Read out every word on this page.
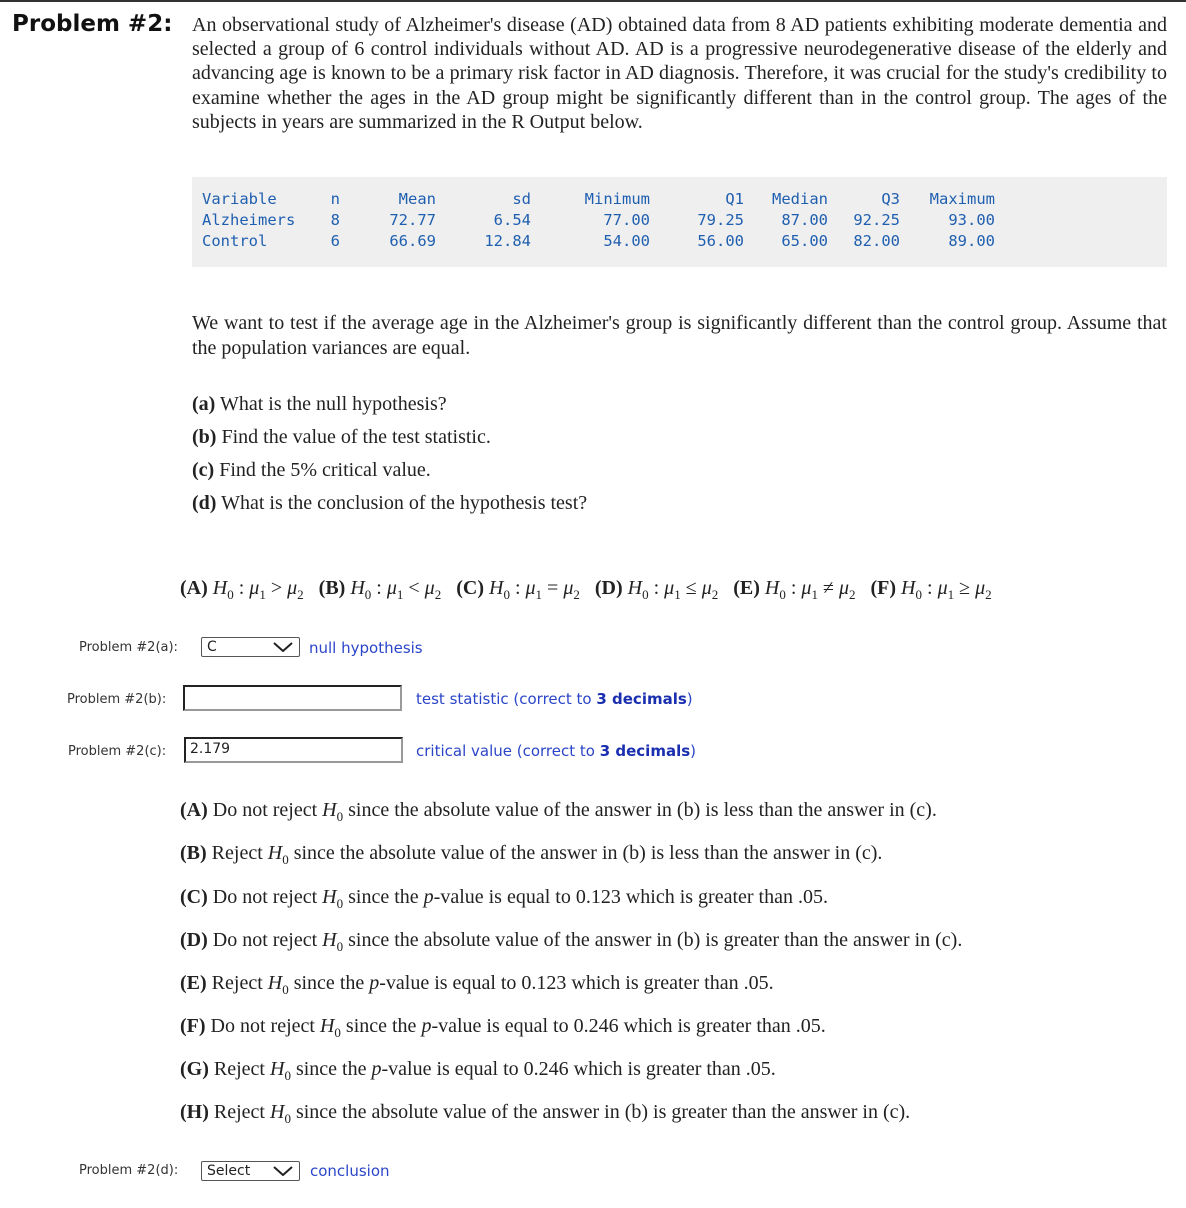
Problem #2: An observational study of Alzheimer's disease (AD) obtained data from 8 AD patients exhibiting moderate dementia and selected a group of 6 control individuals without AD. AD is a progressive neurodegenerative disease of the elderly and advancing age is known to be a primary risk factor in AD diagnosis. Therefore, it was crucial for the study's credibility to examine whether the ages in the AD group might be significantly different than in the control group. The ages of the subjects in years are summarized in the R Output below.
Variable	n	Mean	sd	Minimum	Q1	Median	Q3	Maximum
Alzheimers	8	72.77	6.54	77.00	79.25	87.00	92.25	93.00
Control	6	66.69	12.84	54.00	56.00	65.00	82.00	89.00
We want to test if the average age in the Alzheimer's group is significantly different than the control group. Assume that the population variances are equal.
(a) What is the null hypothesis?
(b) Find the value of the test statistic.
(c) Find the 5% critical value.
(d) What is the conclusion of the hypothesis test?
(A) $H_0$ : $\mu_1 > \mu_2$ (B) $H_0$ : $\mu_1 < \mu_2$ (C) $H_0$ : $\mu_1 = \mu_2$ (D) $H_0$ : $\mu_1 \le \mu_2$ (E) $H_0$ : $\mu_1 \ne \mu_2$ (F) $H_0$ : $\mu_1 \ge \mu_2$
Problem #2(a):	C	null hypothesis
Problem #2(b):	test statistic (correct to 3 decimals)
Problem #2(c):	2.179	critical value (correct to 3 decimals)
(A) Do not reject $H_0$ since the absolute value of the answer in (b) is less than the answer in (c).
(B) Reject $H_0$ since the absolute value of the answer in (b) is less than the answer in (c).
(C) Do not reject $H_0$ since the p-value is equal to 0.123 which is greater than .05.
(D) Do not reject $H_0$ since the absolute value of the answer in (b) is greater than the answer in (c).
(E) Reject $H_0$ since the p-value is equal to 0.123 which is greater than .05.
(F) Do not reject $H_0$ since the p-value is equal to 0.246 which is greater than .05.
(G) Reject $H_0$ since the p-value is equal to 0.246 which is greater than .05.
(H) Reject $H_0$ since the absolute value of the answer in (b) is greater than the answer in (c).
Problem #2(d):	Select	conclusion
